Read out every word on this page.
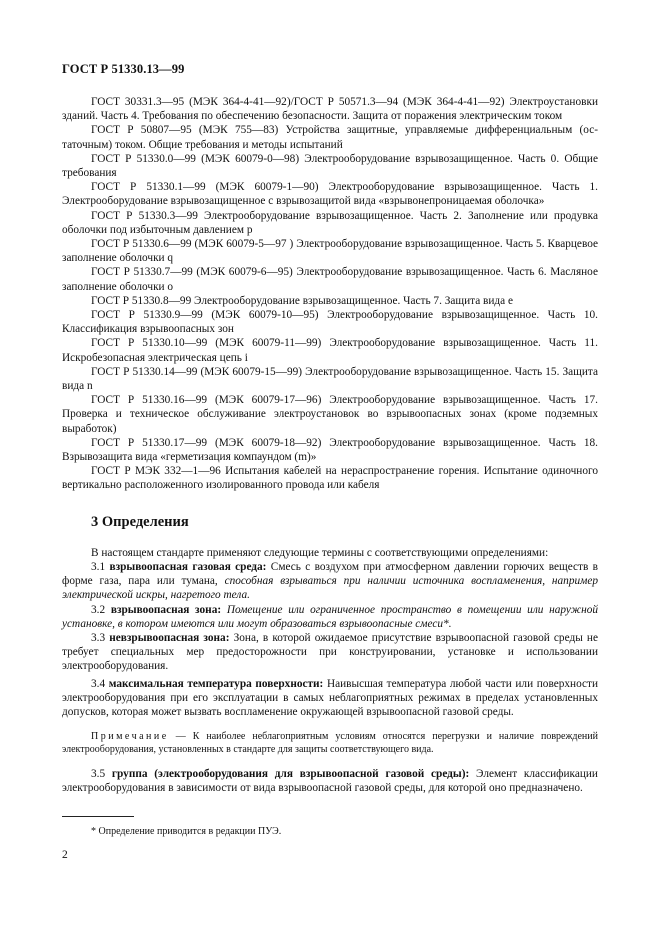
ГОСТ Р 51330.13—99

ГОСТ 30331.3—95 (МЭК 364-4-41—92)/ГОСТ Р 50571.3—94 (МЭК 364-4-41—92) Электроустановки зданий. Часть 4. Требования по обеспечению безопасности. Защита от поражения электрическим током

ГОСТ Р 50807—95 (МЭК 755—83) Устройства защитные, управляемые дифференциальным (остаточным) током. Общие требования и методы испытаний

ГОСТ Р 51330.0—99 (МЭК 60079-0—98) Электрооборудование взрывозащищенное. Часть 0. Общие требования

ГОСТ Р 51330.1—99 (МЭК 60079-1—90) Электрооборудование взрывозащищенное. Часть 1. Электрооборудование взрывозащищенное с взрывозащитой вида «взрывонепроницаемая оболочка»

ГОСТ Р 51330.3—99 Электрооборудование взрывозащищенное. Часть 2. Заполнение или продувка оболочки под избыточным давлением p

ГОСТ Р 51330.6—99 (МЭК 60079-5—97 ) Электрооборудование взрывозащищенное. Часть 5. Кварцевое заполнение оболочки q

ГОСТ Р 51330.7—99 (МЭК 60079-6—95) Электрооборудование взрывозащищенное. Часть 6. Масляное заполнение оболочки o

ГОСТ Р 51330.8—99 Электрооборудование взрывозащищенное. Часть 7. Защита вида e

ГОСТ Р 51330.9—99 (МЭК 60079-10—95) Электрооборудование взрывозащищенное. Часть 10. Классификация взрывоопасных зон

ГОСТ Р 51330.10—99 (МЭК 60079-11—99) Электрооборудование взрывозащищенное. Часть 11. Искробезопасная электрическая цепь i

ГОСТ Р 51330.14—99 (МЭК 60079-15—99) Электрооборудование взрывозащищенное. Часть 15. Защита вида n

ГОСТ Р 51330.16—99 (МЭК 60079-17—96) Электрооборудование взрывозащищенное. Часть 17. Проверка и техническое обслуживание электроустановок во взрывоопасных зонах (кроме подземных выработок)

ГОСТ Р 51330.17—99 (МЭК 60079-18—92) Электрооборудование взрывозащищенное. Часть 18. Взрывозащита вида «герметизация компаундом (m)»

ГОСТ Р МЭК 332—1—96 Испытания кабелей на нераспространение горения. Испытание одиночного вертикально расположенного изолированного провода или кабеля

3 Определения

В настоящем стандарте применяют следующие термины с соответствующими определениями:

3.1 взрывоопасная газовая среда: Смесь с воздухом при атмосферном давлении горючих веществ в форме газа, пара или тумана, способная взрываться при наличии источника воспламенения, например электрической искры, нагретого тела.

3.2 взрывоопасная зона: Помещение или ограниченное пространство в помещении или наружной установке, в котором имеются или могут образоваться взрывоопасные смеси*.

3.3 невзрывоопасная зона: Зона, в которой ожидаемое присутствие взрывоопасной газовой среды не требует специальных мер предосторожности при конструировании, установке и использовании электрооборудования.

3.4 максимальная температура поверхности: Наивысшая температура любой части или поверхности электрооборудования при его эксплуатации в самых неблагоприятных режимах в пределах установленных допусков, которая может вызвать воспламенение окружающей взрывоопасной газовой среды.

Примечание — К наиболее неблагоприятным условиям относятся перегрузки и наличие повреждений электрооборудования, установленных в стандарте для защиты соответствующего вида.

3.5 группа (электрооборудования для взрывоопасной газовой среды): Элемент классификации электрооборудования в зависимости от вида взрывоопасной газовой среды, для которой оно предназначено.

* Определение приводится в редакции ПУЭ.
2
